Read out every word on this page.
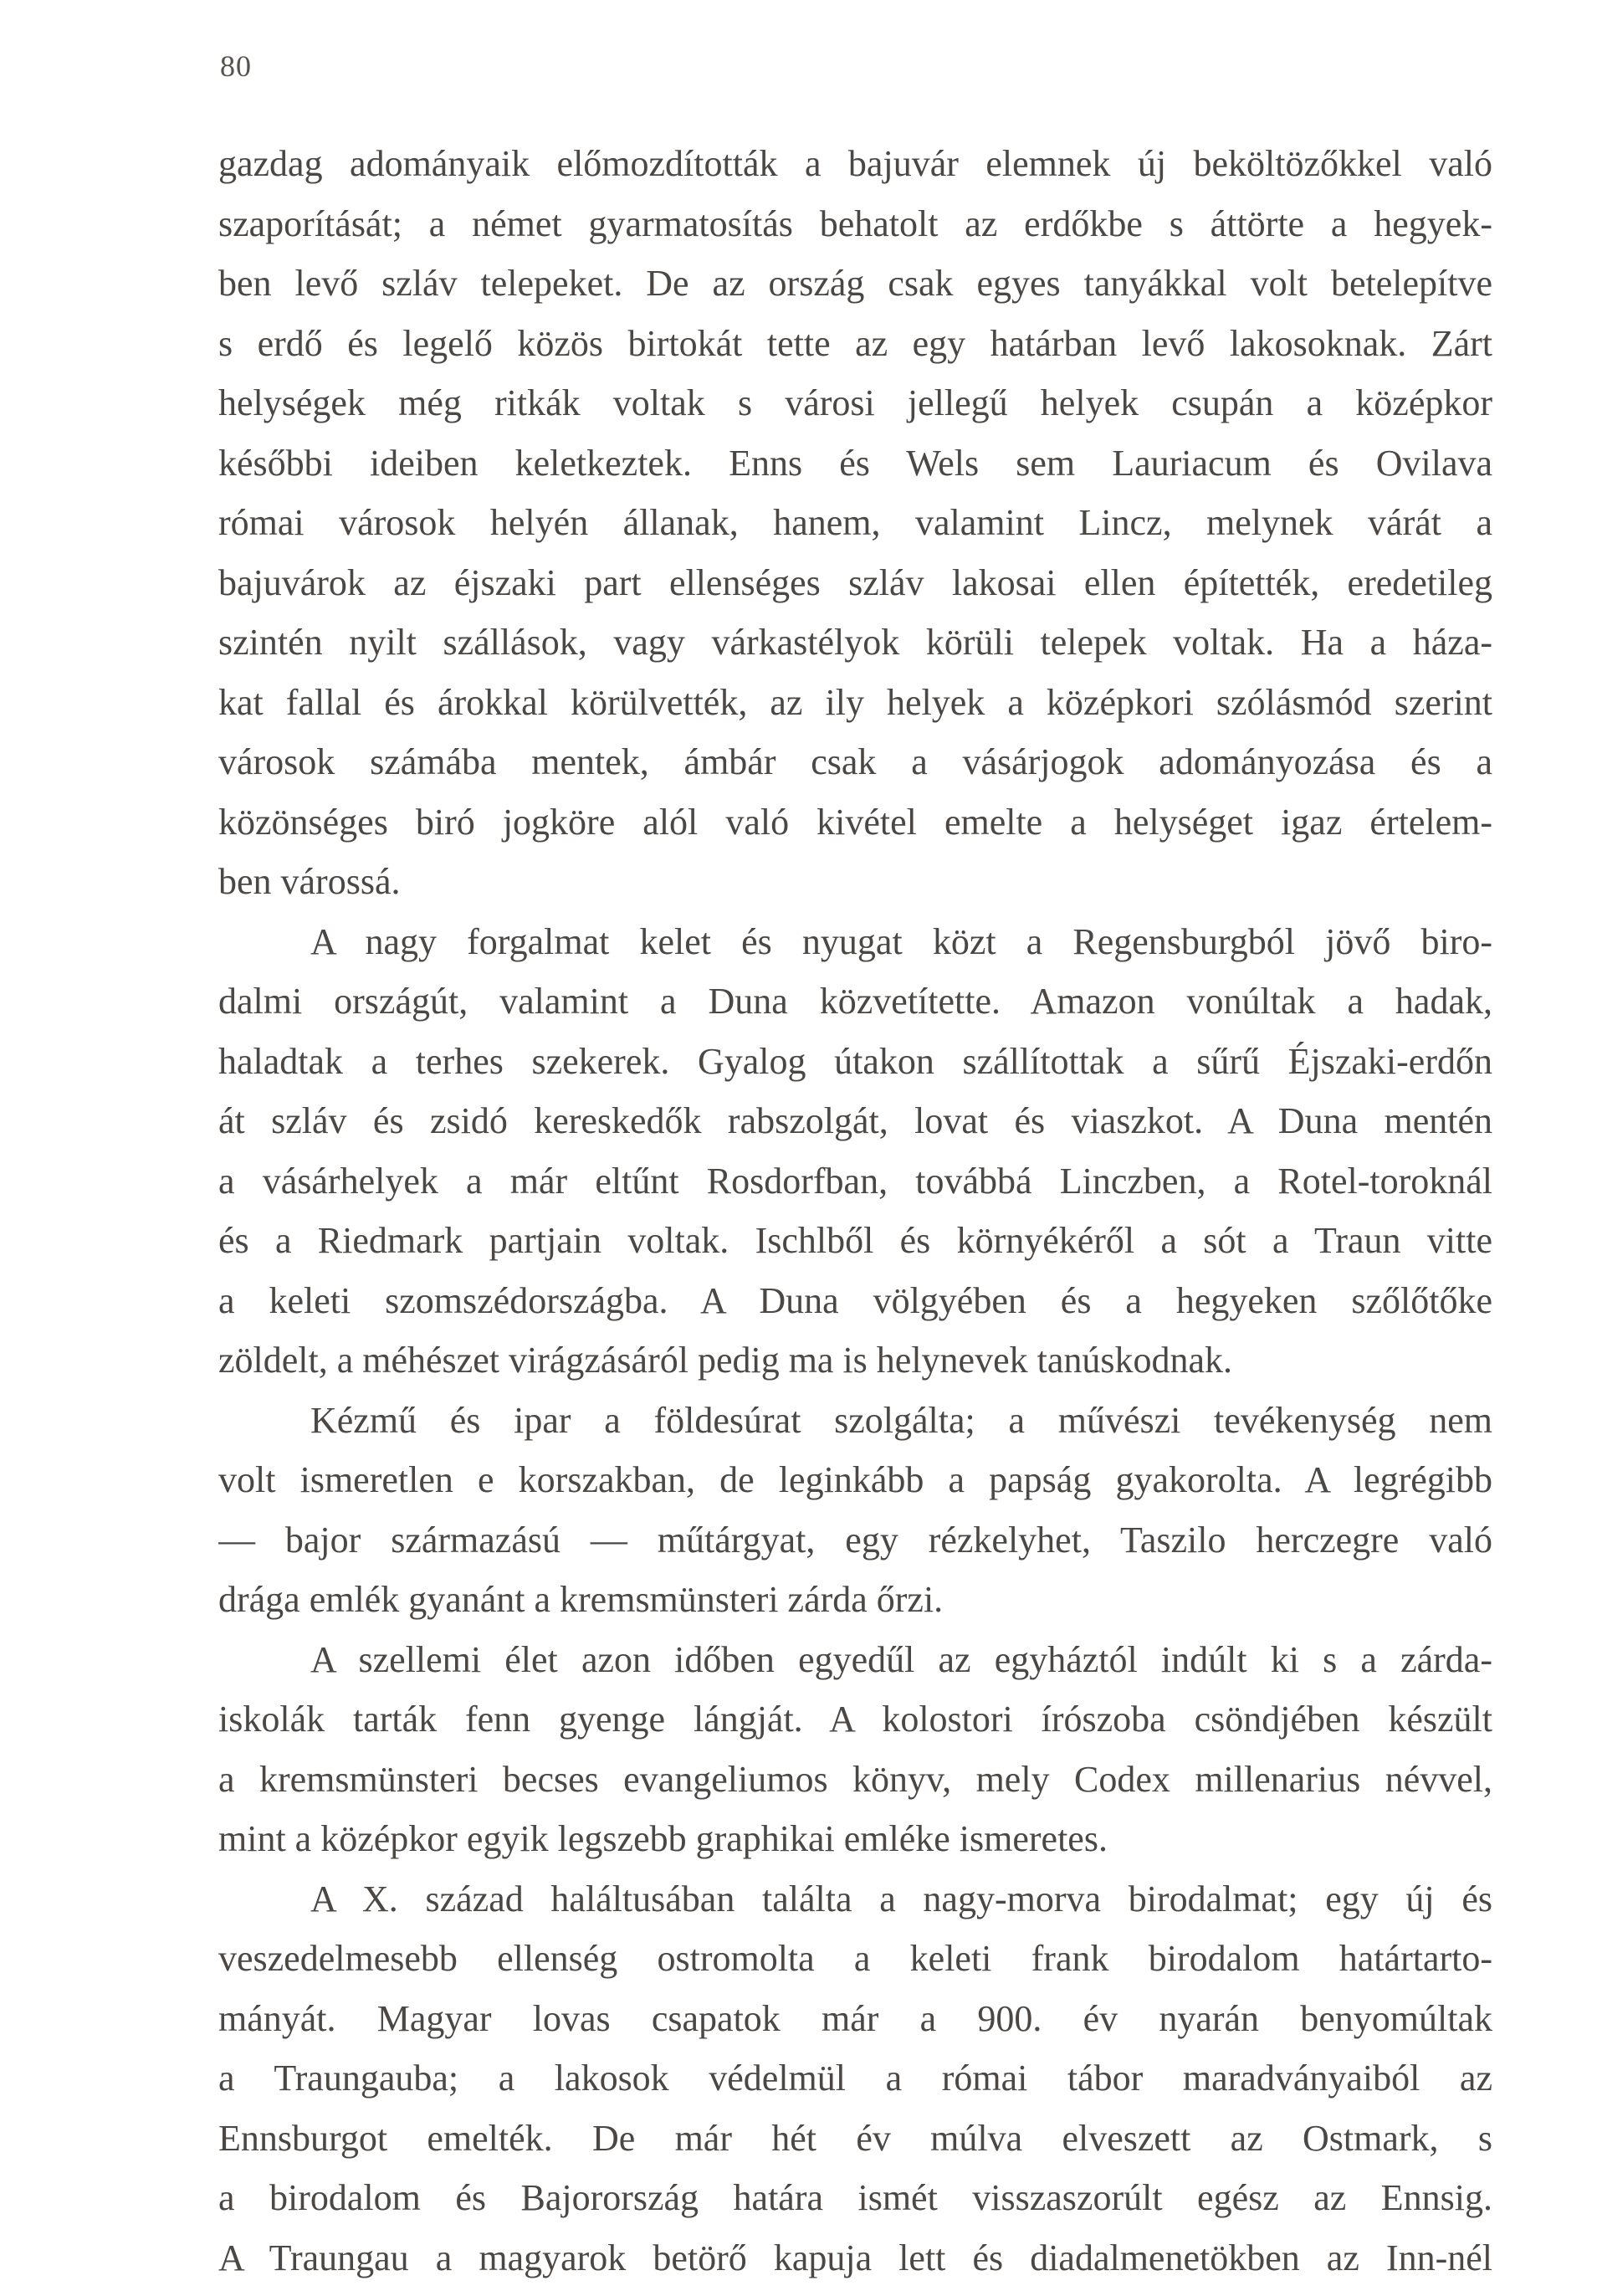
80
gazdag adományaik előmozdították a bajuvár elemnek új beköltözőkkel való
szaporítását; a német gyarmatosítás behatolt az erdőkbe s áttörte a hegyek-
ben levő szláv telepeket. De az ország csak egyes tanyákkal volt betelepítve
s erdő és legelő közös birtokát tette az egy határban levő lakosoknak. Zárt
helységek még ritkák voltak s városi jellegű helyek csupán a középkor
későbbi ideiben keletkeztek. Enns és Wels sem Lauriacum és Ovilava
római városok helyén állanak, hanem, valamint Lincz, melynek várát a
bajuvárok az éjszaki part ellenséges szláv lakosai ellen építették, eredetileg
szintén nyilt szállások, vagy várkastélyok körüli telepek voltak. Ha a háza-
kat fallal és árokkal körülvették, az ily helyek a középkori szólásmód szerint
városok számába mentek, ámbár csak a vásárjogok adományozása és a
közönséges biró jogköre alól való kivétel emelte a helységet igaz értelem-
ben várossá.
A nagy forgalmat kelet és nyugat közt a Regensburgból jövő biro-
dalmi országút, valamint a Duna közvetítette. Amazon vonúltak a hadak,
haladtak a terhes szekerek. Gyalog útakon szállítottak a sűrű Éjszaki-erdőn
át szláv és zsidó kereskedők rabszolgát, lovat és viaszkot. A Duna mentén
a vásárhelyek a már eltűnt Rosdorfban, továbbá Linczben, a Rotel-toroknál
és a Riedmark partjain voltak. Ischlből és környékéről a sót a Traun vitte
a keleti szomszédországba. A Duna völgyében és a hegyeken szőlőtőke
zöldelt, a méhészet virágzásáról pedig ma is helynevek tanúskodnak.
Kézmű és ipar a földesúrat szolgálta; a művészi tevékenység nem
volt ismeretlen e korszakban, de leginkább a papság gyakorolta. A legrégibb
— bajor származású — műtárgyat, egy rézkelyhet, Taszilo herczegre való
drága emlék gyanánt a kremsmünsteri zárda őrzi.
A szellemi élet azon időben egyedűl az egyháztól indúlt ki s a zárda-
iskolák tarták fenn gyenge lángját. A kolostori írószoba csöndjében készült
a kremsmünsteri becses evangeliumos könyv, mely Codex millenarius névvel,
mint a középkor egyik legszebb graphikai emléke ismeretes.
A X. század haláltusában találta a nagy-morva birodalmat; egy új és
veszedelmesebb ellenség ostromolta a keleti frank birodalom határtarto-
mányát. Magyar lovas csapatok már a 900. év nyarán benyomúltak
a Traungauba; a lakosok védelmül a római tábor maradványaiból az
Ennsburgot emelték. De már hét év múlva elveszett az Ostmark, s
a birodalom és Bajorország határa ismét visszaszorúlt egész az Ennsig.
A Traungau a magyarok betörő kapuja lett és diadalmenetökben az Inn-nél
